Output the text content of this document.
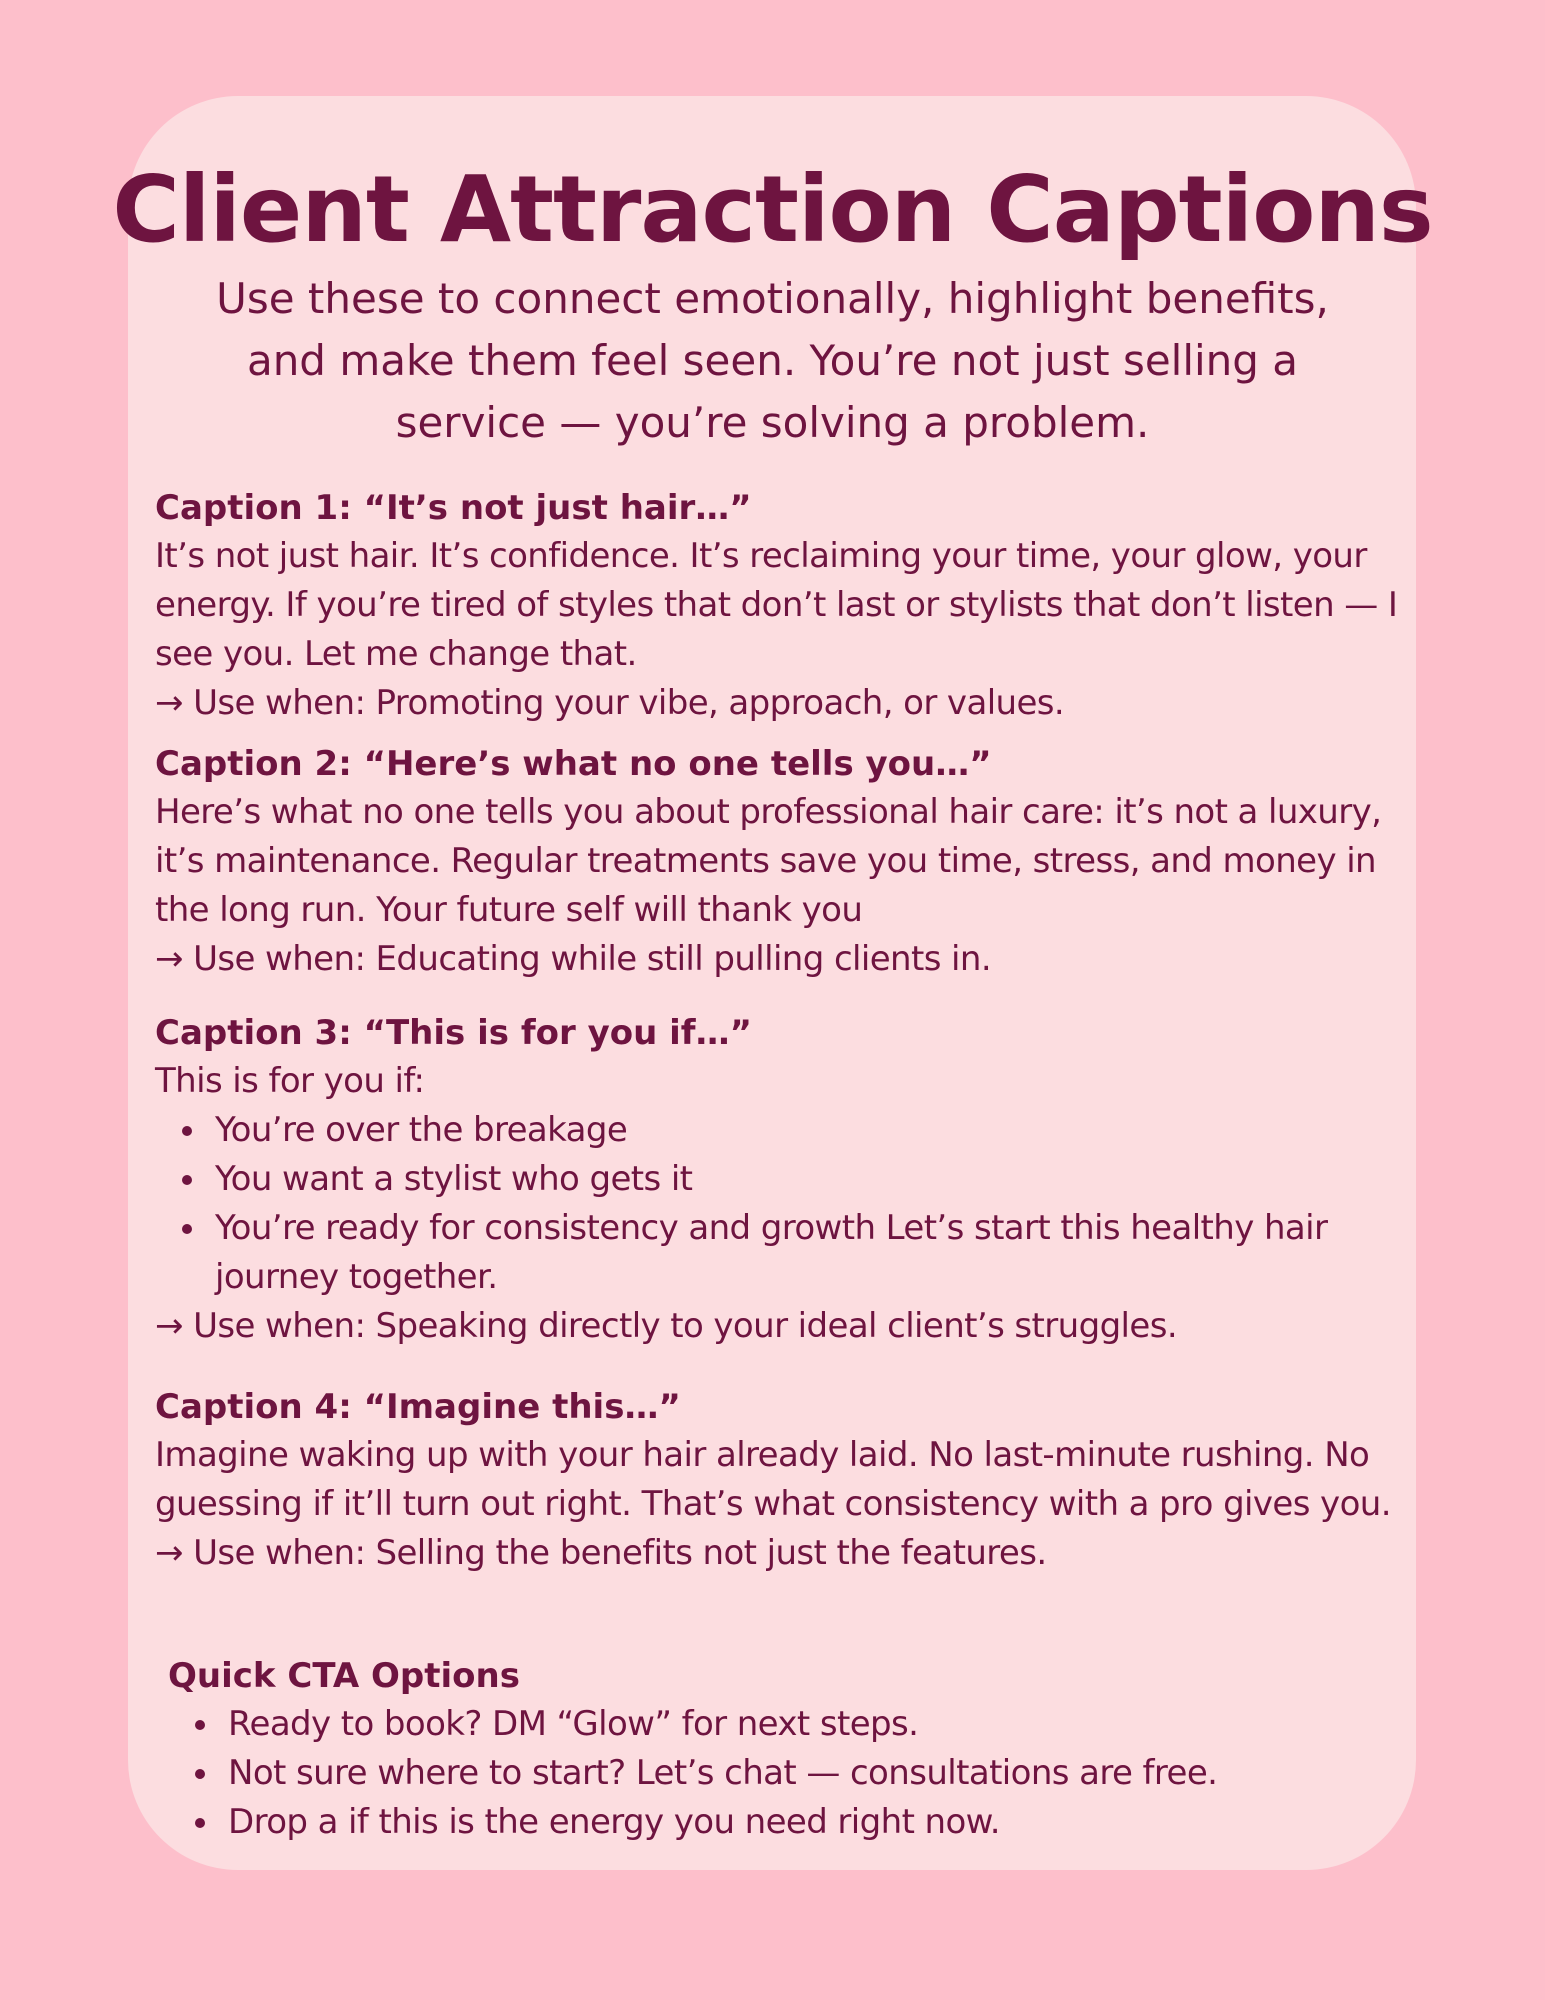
Client Attraction Captions

Use these to connect emotionally, highlight benefits, and make them feel seen. You’re not just selling a service — you’re solving a problem.

Caption 1: “It’s not just hair…”

It’s not just hair. It’s confidence. It’s reclaiming your time, your glow, your energy. If you’re tired of styles that don’t last or stylists that don’t listen — I see you. Let me change that.

→ Use when: Promoting your vibe, approach, or values.

Caption 2: “Here’s what no one tells you…”

Here’s what no one tells you about professional hair care: it’s not a luxury, it’s maintenance. Regular treatments save you time, stress, and money in the long run. Your future self will thank you

→ Use when: Educating while still pulling clients in.

Caption 3: “This is for you if…”

This is for you if:

You’re over the breakage
You want a stylist who gets it
You’re ready for consistency and growth Let’s start this healthy hair journey together.

→ Use when: Speaking directly to your ideal client’s struggles.

Caption 4: “Imagine this…”

Imagine waking up with your hair already laid. No last-minute rushing. No guessing if it’ll turn out right. That’s what consistency with a pro gives you.

→ Use when: Selling the benefits not just the features.

Quick CTA Options

Ready to book? DM “Glow” for next steps.
Not sure where to start? Let’s chat — consultations are free.
Drop a if this is the energy you need right now.
